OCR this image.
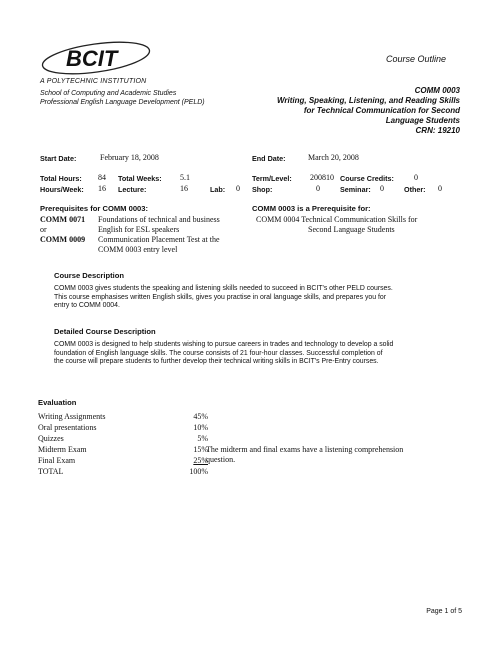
BCIT
A POLYTECHNIC INSTITUTION
School of Computing and Academic Studies
Professional English Language Development (PELD)
Course Outline
COMM 0003
Writing, Speaking, Listening, and Reading Skills
for Technical Communication for Second
Language Students
CRN: 19210
Start Date:	February 18, 2008	End Date:	March 20, 2008
Total Hours: 84 Total Weeks: 5.1	Term/Level: 200810 Course Credits:	0
Hours/Week: 16 Lecture:	16	Lab: 0 Shop:	0	Seminar: 0	Other: 0
Prerequisites for COMM 0003:
COMM 0071 Foundations of technical and business
English for ESL speakers
or
COMM 0009 Communication Placement Test at the
COMM 0003 entry level
COMM 0003 is a Prerequisite for:
COMM 0004 Technical Communication Skills for
Second Language Students
Course Description
COMM 0003 gives students the speaking and listening skills needed to succeed in BCIT's other PELD courses.
This course emphasises written English skills, gives you practise in oral language skills, and prepares you for
entry to COMM 0004.
Detailed Course Description
COMM 0003 is designed to help students wishing to pursue careers in trades and technology to develop a solid
foundation of English language skills. The course consists of 21 four-hour classes. Successful completion of
the course will prepare students to further develop their technical writing skills in BCIT's Pre-Entry courses.
Evaluation
Writing Assignments	45%
Oral presentations	10%
Quizzes	5%
Midterm Exam	15%
Final Exam	25%
TOTAL	100%
The midterm and final exams have a listening comprehension
question.
Page 1 of 5
